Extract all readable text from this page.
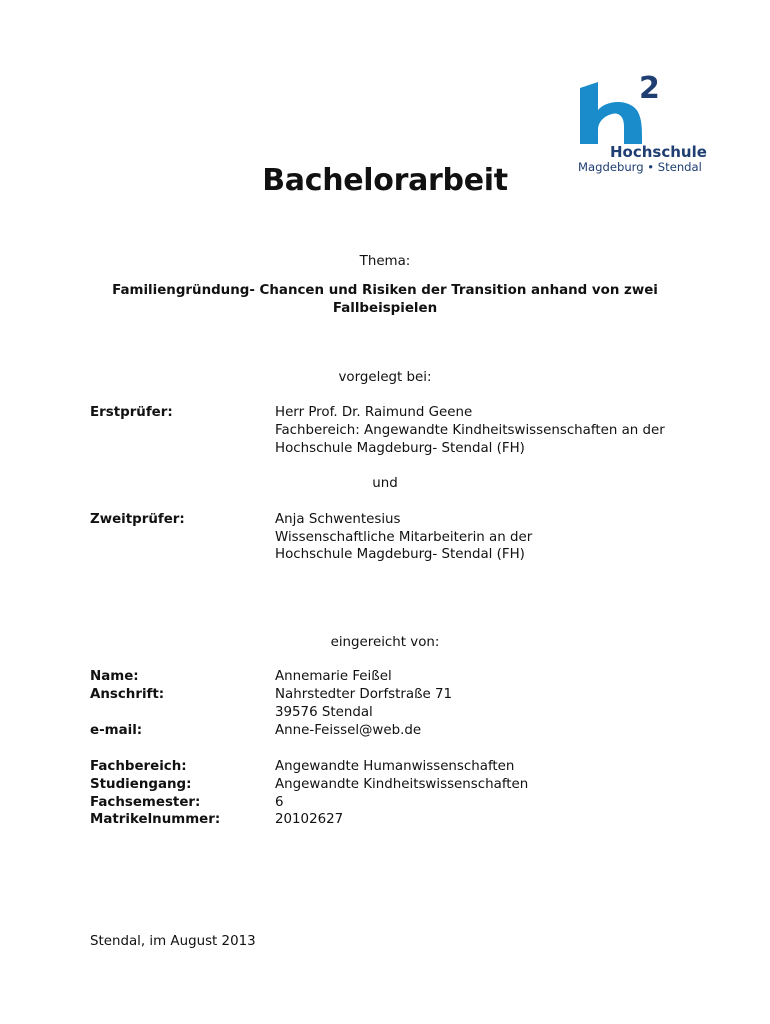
2
Hochschule
Magdeburg • Stendal
Bachelorarbeit
Thema:
Familiengründung- Chancen und Risiken der Transition anhand von zwei
Fallbeispielen
vorgelegt bei:
Erstprüfer:	Herr Prof. Dr. Raimund Geene
Fachbereich: Angewandte Kindheitswissenschaften an der
Hochschule Magdeburg- Stendal (FH)
und
Zweitprüfer:	Anja Schwentesius
Wissenschaftliche Mitarbeiterin an der
Hochschule Magdeburg- Stendal (FH)
eingereicht von:
Name:	Annemarie Feißel
Anschrift:	Nahrstedter Dorfstraße 71
39576 Stendal
e-mail:	Anne-Feissel@web.de
Fachbereich:	Angewandte Humanwissenschaften
Studiengang:	Angewandte Kindheitswissenschaften
Fachsemester:	6
Matrikelnummer:	20102627
Stendal, im August 2013
